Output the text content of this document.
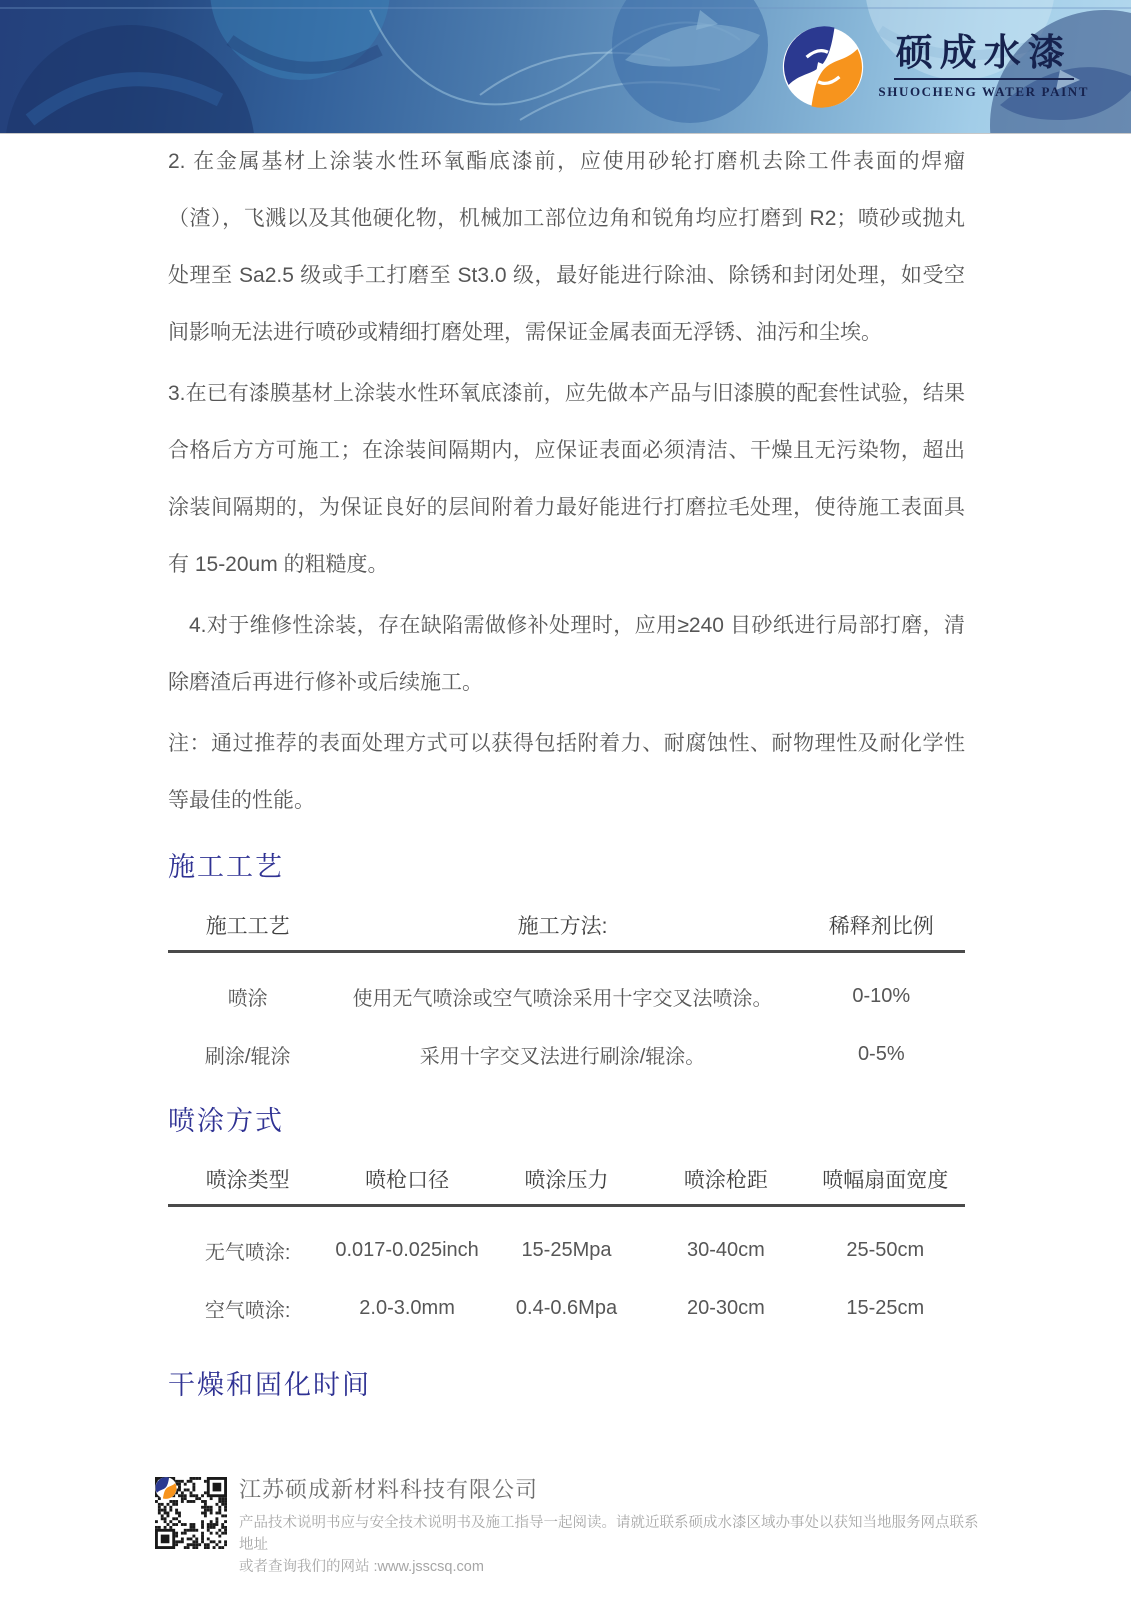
硕成水漆
SHUOCHENG WATER PAINT

2. 在金属基材上涂装水性环氧酯底漆前，应使用砂轮打磨机去除工件表面的焊瘤（渣），飞溅以及其他硬化物，机械加工部位边角和锐角均应打磨到 R2；喷砂或抛丸处理至 Sa2.5 级或手工打磨至 St3.0 级，最好能进行除油、除锈和封闭处理，如受空间影响无法进行喷砂或精细打磨处理，需保证金属表面无浮锈、油污和尘埃。

3.在已有漆膜基材上涂装水性环氧底漆前，应先做本产品与旧漆膜的配套性试验，结果合格后方方可施工；在涂装间隔期内，应保证表面必须清洁、干燥且无污染物，超出涂装间隔期的，为保证良好的层间附着力最好能进行打磨拉毛处理，使待施工表面具有 15-20um 的粗糙度。

4.对于维修性涂装，存在缺陷需做修补处理时，应用≥240 目砂纸进行局部打磨，清除磨渣后再进行修补或后续施工。

注：通过推荐的表面处理方式可以获得包括附着力、耐腐蚀性、耐物理性及耐化学性等最佳的性能。

施工工艺
施工工艺	施工方法:	稀释剂比例
喷涂	使用无气喷涂或空气喷涂采用十字交叉法喷涂。	0-10%
刷涂/辊涂	采用十字交叉法进行刷涂/辊涂。	0-5%
喷涂方式
喷涂类型	喷枪口径	喷涂压力	喷涂枪距	喷幅扇面宽度
无气喷涂:	0.017-0.025inch	15-25Mpa	30-40cm	25-50cm
空气喷涂:	2.0-3.0mm	0.4-0.6Mpa	20-30cm	15-25cm
干燥和固化时间

江苏硕成新材料科技有限公司

产品技术说明书应与安全技术说明书及施工指导一起阅读。请就近联系硕成水漆区域办事处以获知当地服务网点联系地址
或者查询我们的网站 :www.jsscsq.com
